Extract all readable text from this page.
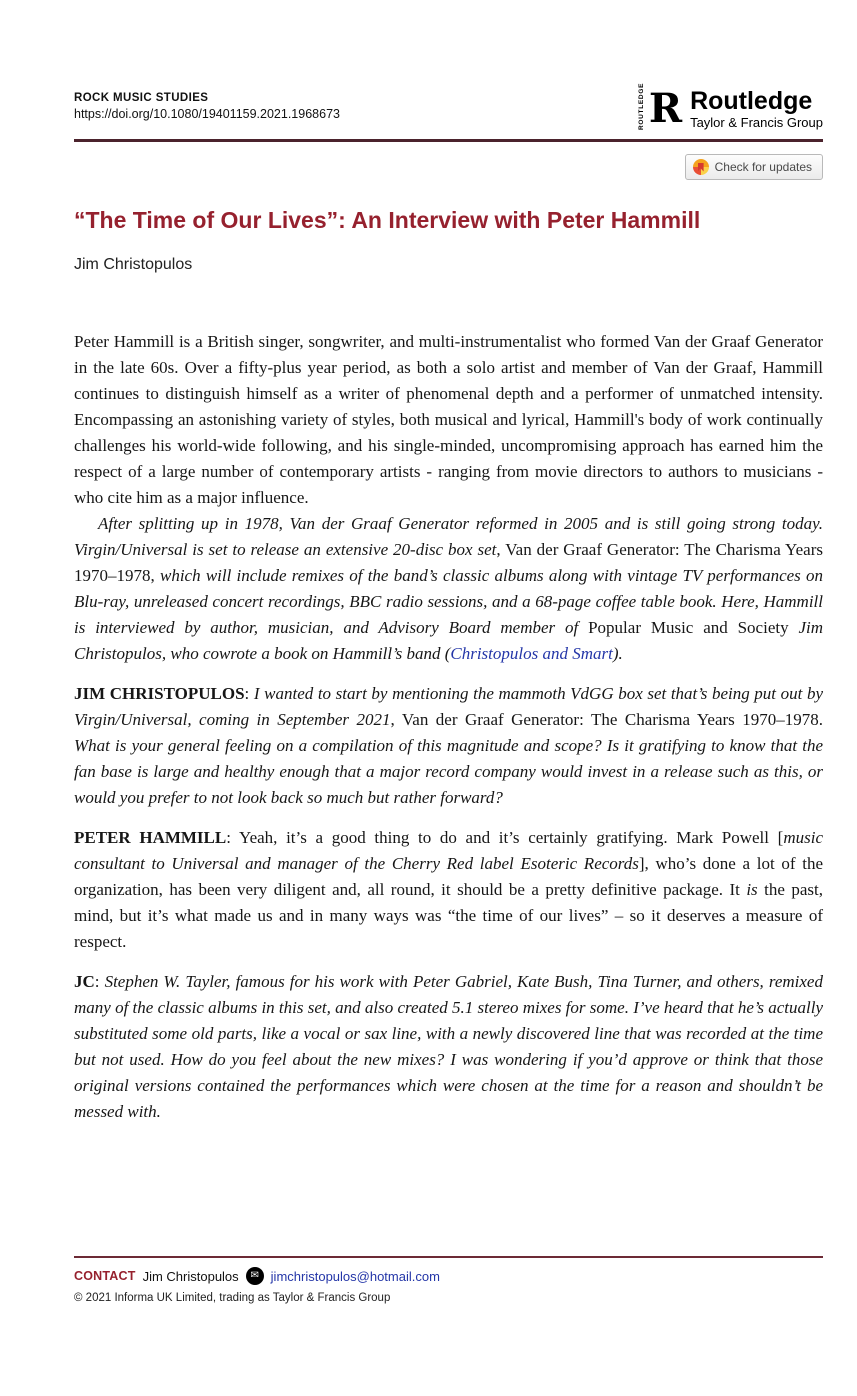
ROCK MUSIC STUDIES
https://doi.org/10.1080/19401159.2021.1968673	ROUTLEDGE R Routledge
Taylor & Francis Group
Check for updates
“The Time of Our Lives”: An Interview with Peter Hammill
Jim Christopulos

Peter Hammill is a British singer, songwriter, and multi-instrumentalist who formed Van der Graaf Generator in the late 60s. Over a fifty-plus year period, as both a solo artist and member of Van der Graaf, Hammill continues to distinguish himself as a writer of phenomenal depth and a performer of unmatched intensity. Encompassing an astonishing variety of styles, both musical and lyrical, Hammill's body of work continually challenges his world-wide following, and his single-minded, uncompromising approach has earned him the respect of a large number of contemporary artists - ranging from movie directors to authors to musicians - who cite him as a major influence.

After splitting up in 1978, Van der Graaf Generator reformed in 2005 and is still going strong today. Virgin/Universal is set to release an extensive 20-disc box set, Van der Graaf Generator: The Charisma Years 1970–1978, which will include remixes of the band’s classic albums along with vintage TV performances on Blu-ray, unreleased concert recordings, BBC radio sessions, and a 68-page coffee table book. Here, Hammill is interviewed by author, musician, and Advisory Board member of Popular Music and Society Jim Christopulos, who cowrote a book on Hammill’s band (Christopulos and Smart).

JIM CHRISTOPULOS: I wanted to start by mentioning the mammoth VdGG box set that’s being put out by Virgin/Universal, coming in September 2021, Van der Graaf Generator: The Charisma Years 1970–1978. What is your general feeling on a compilation of this magnitude and scope? Is it gratifying to know that the fan base is large and healthy enough that a major record company would invest in a release such as this, or would you prefer to not look back so much but rather forward?

PETER HAMMILL: Yeah, it’s a good thing to do and it’s certainly gratifying. Mark Powell [music consultant to Universal and manager of the Cherry Red label Esoteric Records], who’s done a lot of the organization, has been very diligent and, all round, it should be a pretty definitive package. It is the past, mind, but it’s what made us and in many ways was “the time of our lives” – so it deserves a measure of respect.

JC: Stephen W. Tayler, famous for his work with Peter Gabriel, Kate Bush, Tina Turner, and others, remixed many of the classic albums in this set, and also created 5.1 stereo mixes for some. I’ve heard that he’s actually substituted some old parts, like a vocal or sax line, with a newly discovered line that was recorded at the time but not used. How do you feel about the new mixes? I was wondering if you’d approve or think that those original versions contained the performances which were chosen at the time for a reason and shouldn’t be messed with.

CONTACT Jim Christopulos	✉ jimchristopulos@hotmail.com
© 2021 Informa UK Limited, trading as Taylor & Francis Group
